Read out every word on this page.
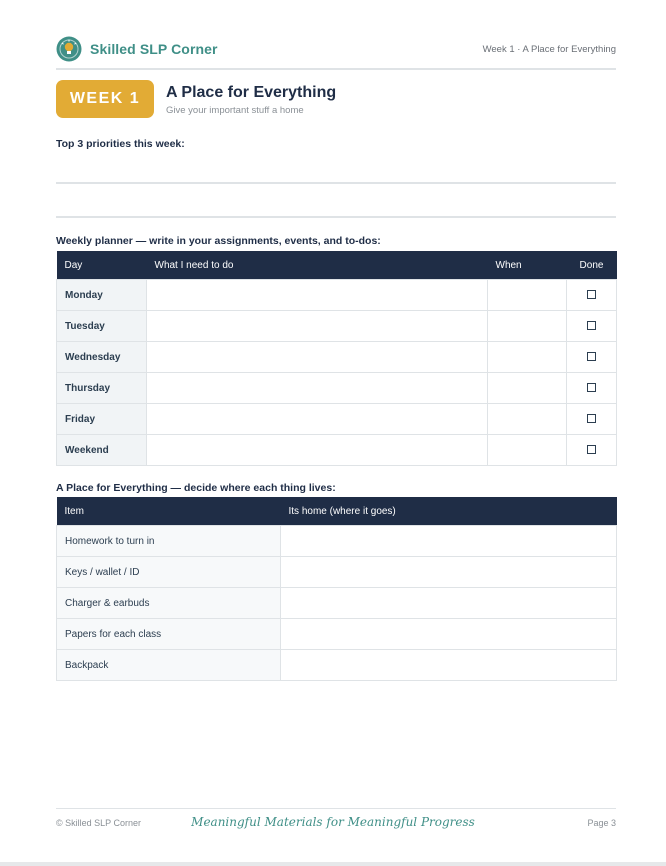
Skilled SLP Corner	Week 1 · A Place for Everything
WEEK 1	A Place for Everything
Give your important stuff a home
Top 3 priorities this week:
Weekly planner — write in your assignments, events, and to-dos:
Day	What I need to do	When	Done
Monday			
Tuesday			
Wednesday			
Thursday			
Friday			
Weekend			
A Place for Everything — decide where each thing lives:
Item	Its home (where it goes)
Homework to turn in	
Keys / wallet / ID	
Charger & earbuds	
Papers for each class	
Backpack	
© Skilled SLP Corner	Meaningful Materials for Meaningful Progress	Page 3
